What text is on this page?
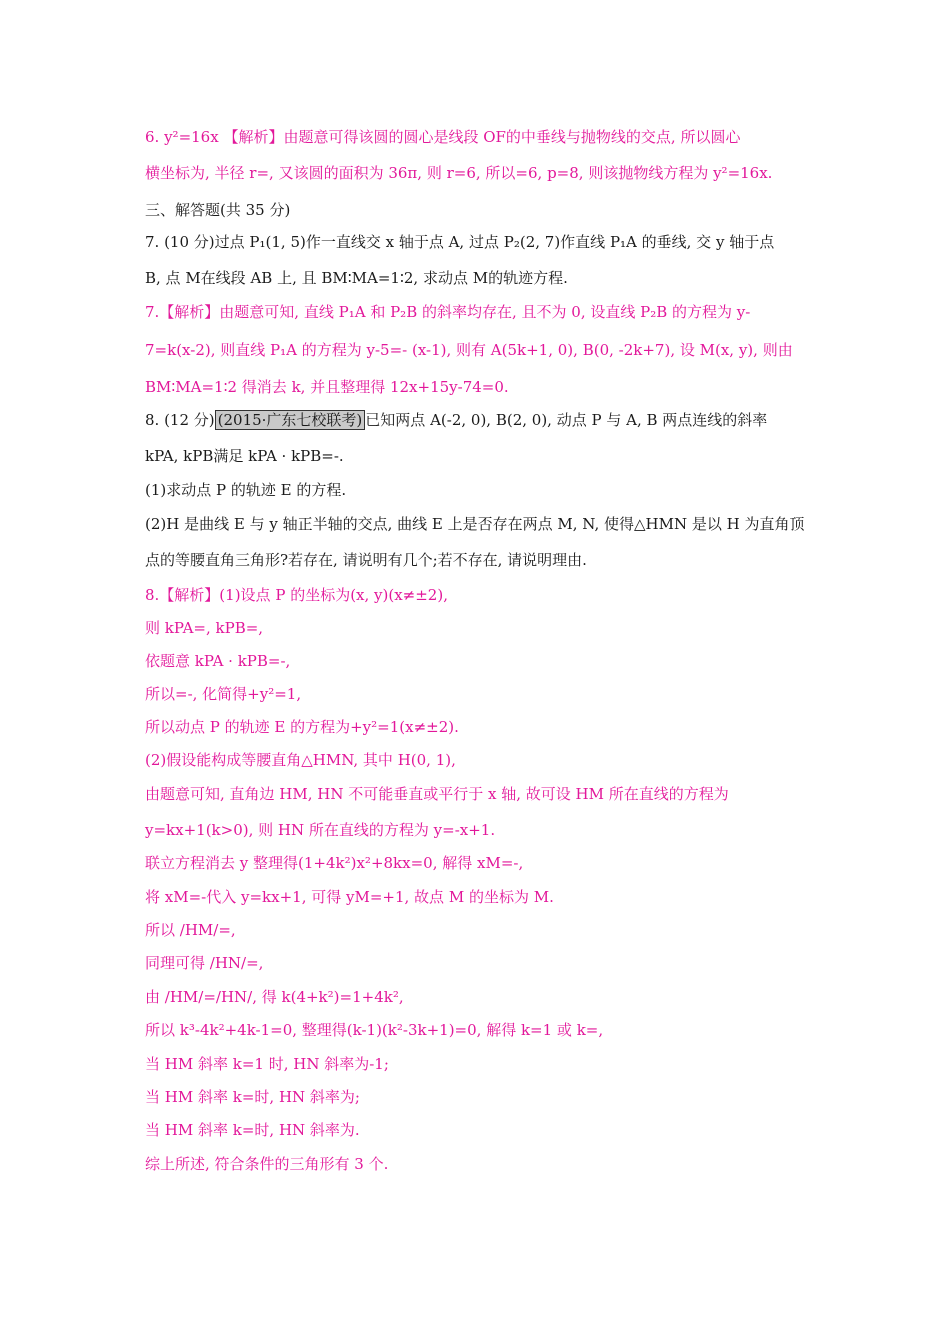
6. y²=16x 【解析】由题意可得该圆的圆心是线段 OF的中垂线与抛物线的交点, 所以圆心
横坐标为, 半径 r=, 又该圆的面积为 36π, 则 r=6, 所以=6, p=8, 则该抛物线方程为 y²=16x.
三、解答题(共 35 分)
7. (10 分)过点 P₁(1, 5)作一直线交 x 轴于点 A, 过点 P₂(2, 7)作直线 P₁A 的垂线, 交 y 轴于点
B, 点 M在线段 AB 上, 且 BM∶MA=1∶2, 求动点 M的轨迹方程.
7.【解析】由题意可知, 直线 P₁A 和 P₂B 的斜率均存在, 且不为 0, 设直线 P₂B 的方程为 y-
7=k(x-2), 则直线 P₁A 的方程为 y-5=- (x-1), 则有 A(5k+1, 0), B(0, -2k+7), 设 M(x, y), 则由
BM∶MA=1∶2 得消去 k, 并且整理得 12x+15y-74=0.
8. (12 分) (2015·广东七校联考) 已知两点 A(-2, 0), B(2, 0), 动点 P 与 A, B 两点连线的斜率
kPA, kPB满足 kPA · kPB=-.
(1)求动点 P 的轨迹 E 的方程.
(2)H 是曲线 E 与 y 轴正半轴的交点, 曲线 E 上是否存在两点 M, N, 使得△HMN 是以 H 为直角顶
点的等腰直角三角形?若存在, 请说明有几个;若不存在, 请说明理由.
8.【解析】(1)设点 P 的坐标为(x, y)(x≠±2),
则 kPA=, kPB=,
依题意 kPA · kPB=-,
所以=-, 化简得+y²=1,
所以动点 P 的轨迹 E 的方程为+y²=1(x≠±2).
(2)假设能构成等腰直角△HMN, 其中 H(0, 1),
由题意可知, 直角边 HM, HN 不可能垂直或平行于 x 轴, 故可设 HM 所在直线的方程为
y=kx+1(k>0), 则 HN 所在直线的方程为 y=-x+1.
联立方程消去 y 整理得(1+4k²)x²+8kx=0, 解得 xM=-,
将 xM=-代入 y=kx+1, 可得 yM=+1, 故点 M 的坐标为 M.
所以 /HM/=,
同理可得 /HN/=,
由 /HM/=/HN/, 得 k(4+k²)=1+4k²,
所以 k³-4k²+4k-1=0, 整理得(k-1)(k²-3k+1)=0, 解得 k=1 或 k=,
当 HM 斜率 k=1 时, HN 斜率为-1;
当 HM 斜率 k=时, HN 斜率为;
当 HM 斜率 k=时, HN 斜率为.
综上所述, 符合条件的三角形有 3 个.
